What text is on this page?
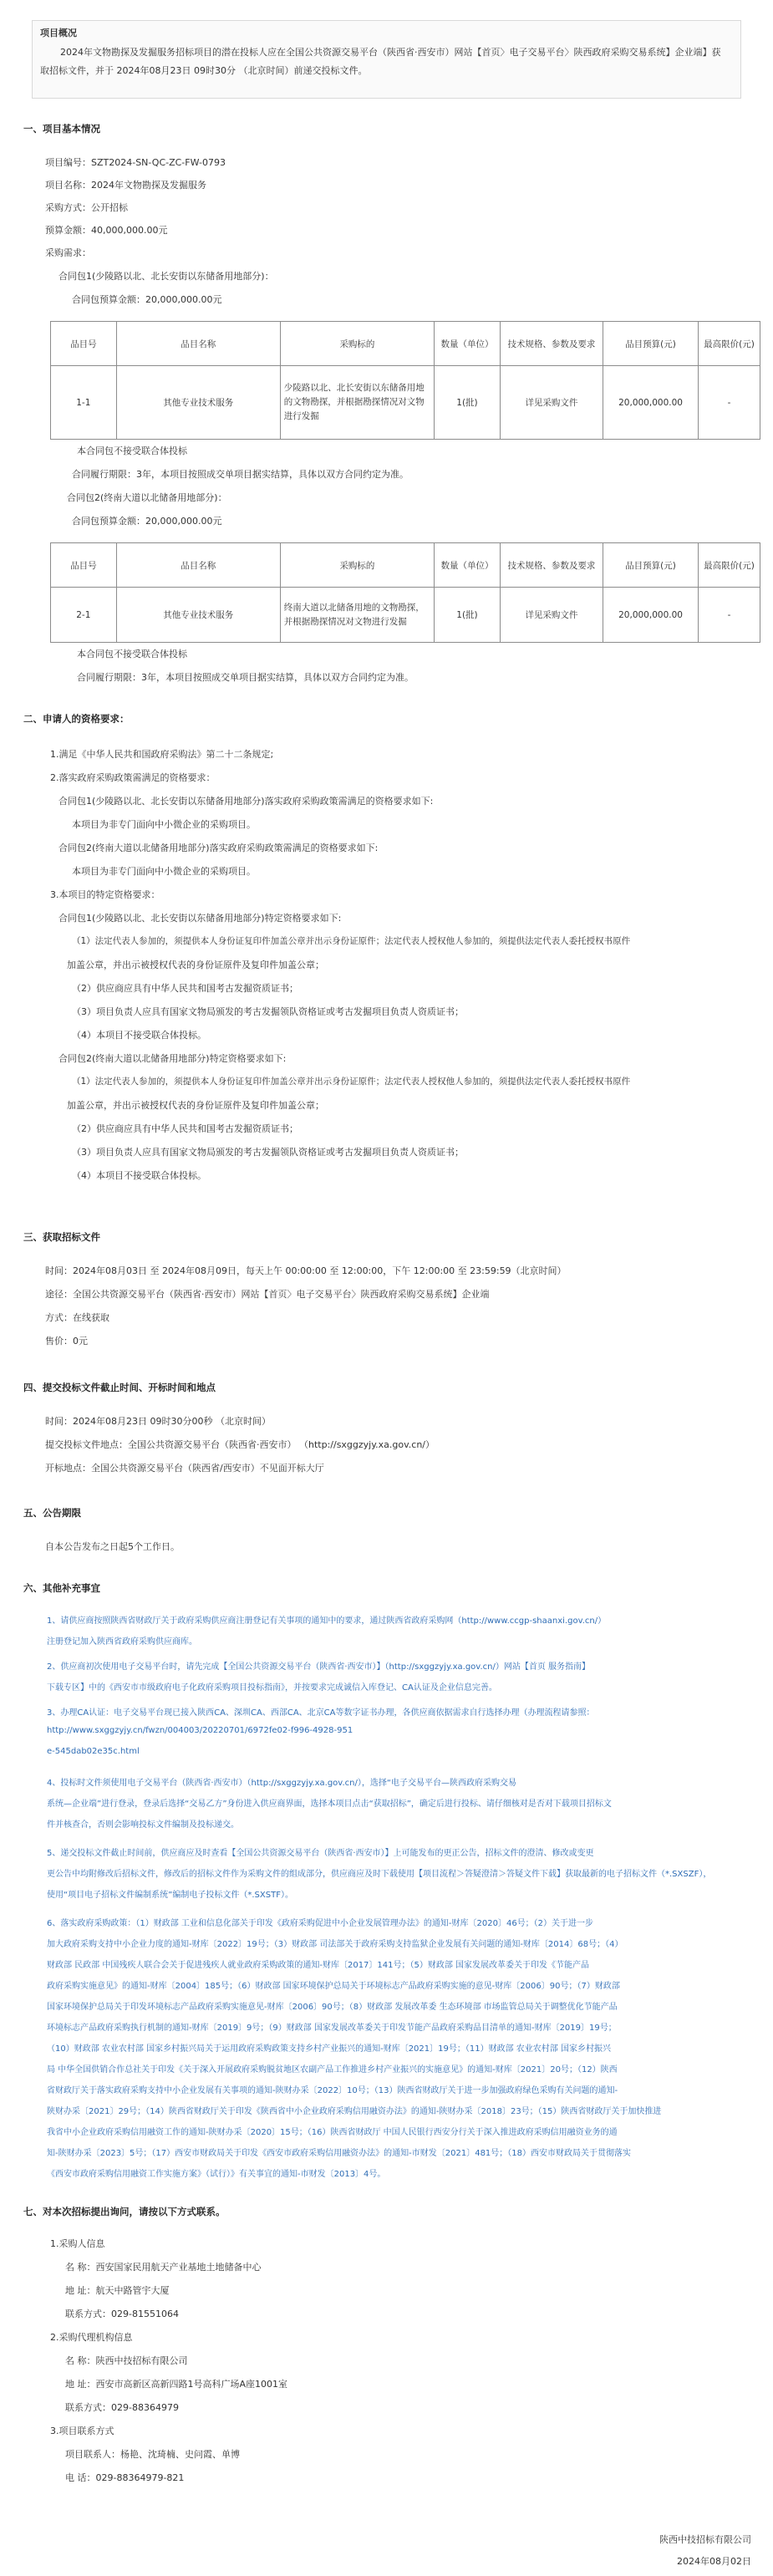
项目概况
2024年文物勘探及发掘服务招标项目的潜在投标人应在全国公共资源交易平台（陕西省·西安市）网站【首页〉电子交易平台〉陕西政府采购交易系统】企业端】获取招标文件，并于 2024年08月23日 09时30分 （北京时间）前递交投标文件。
一、项目基本情况
项目编号：SZT2024-SN-QC-ZC-FW-0793
项目名称：2024年文物勘探及发掘服务
采购方式：公开招标
预算金额：40,000,000.00元
采购需求：
合同包1(少陵路以北、北长安街以东储备用地部分)：
合同包预算金额：20,000,000.00元
品目号	品目名称	采购标的	数量（单位）	技术规格、参数及要求	品目预算(元)	最高限价(元)
1-1	其他专业技术服务	少陵路以北、北长安街以东储备用地的文物勘探，并根据勘探情况对文物进行发掘	1(批)	详见采购文件	20,000,000.00	-
本合同包不接受联合体投标
合同履行期限：3年，本项目按照成交单项目据实结算，具体以双方合同约定为准。
合同包2(终南大道以北储备用地部分)：
合同包预算金额：20,000,000.00元
品目号	品目名称	采购标的	数量（单位）	技术规格、参数及要求	品目预算(元)	最高限价(元)
2-1	其他专业技术服务	终南大道以北储备用地的文物勘探，并根据勘探情况对文物进行发掘	1(批)	详见采购文件	20,000,000.00	-
本合同包不接受联合体投标
合同履行期限：3年，本项目按照成交单项目据实结算，具体以双方合同约定为准。
二、申请人的资格要求：
1.满足《中华人民共和国政府采购法》第二十二条规定;
2.落实政府采购政策需满足的资格要求：
合同包1(少陵路以北、北长安街以东储备用地部分)落实政府采购政策需满足的资格要求如下:
本项目为非专门面向中小微企业的采购项目。
合同包2(终南大道以北储备用地部分)落实政府采购政策需满足的资格要求如下:
本项目为非专门面向中小微企业的采购项目。
3.本项目的特定资格要求：
合同包1(少陵路以北、北长安街以东储备用地部分)特定资格要求如下:
（1）法定代表人参加的，须提供本人身份证复印件加盖公章并出示身份证原件；法定代表人授权他人参加的，须提供法定代表人委托授权书原件
加盖公章，并出示被授权代表的身份证原件及复印件加盖公章；
（2）供应商应具有中华人民共和国考古发掘资质证书；
（3）项目负责人应具有国家文物局颁发的考古发掘领队资格证或考古发掘项目负责人资质证书；
（4）本项目不接受联合体投标。
合同包2(终南大道以北储备用地部分)特定资格要求如下:
（1）法定代表人参加的，须提供本人身份证复印件加盖公章并出示身份证原件；法定代表人授权他人参加的，须提供法定代表人委托授权书原件
加盖公章，并出示被授权代表的身份证原件及复印件加盖公章；
（2）供应商应具有中华人民共和国考古发掘资质证书；
（3）项目负责人应具有国家文物局颁发的考古发掘领队资格证或考古发掘项目负责人资质证书；
（4）本项目不接受联合体投标。
三、获取招标文件
时间：2024年08月03日 至 2024年08月09日，每天上午 00:00:00 至 12:00:00，下午 12:00:00 至 23:59:59（北京时间）
途径：全国公共资源交易平台（陕西省·西安市）网站【首页〉电子交易平台〉陕西政府采购交易系统】企业端
方式：在线获取
售价：0元
四、提交投标文件截止时间、开标时间和地点
时间：2024年08月23日 09时30分00秒 （北京时间）
提交投标文件地点：全国公共资源交易平台（陕西省·西安市） （http://sxggzyjy.xa.gov.cn/）
开标地点：全国公共资源交易平台（陕西省/西安市）不见面开标大厅
五、公告期限
自本公告发布之日起5个工作日。
六、其他补充事宜
1、请供应商按照陕西省财政厅关于政府采购供应商注册登记有关事项的通知中的要求，通过陕西省政府采购网（http://www.ccgp-shaanxi.gov.cn/）
注册登记加入陕西省政府采购供应商库。
2、供应商初次使用电子交易平台时，请先完成【全国公共资源交易平台（陕西省·西安市）】（http://sxggzyjy.xa.gov.cn/）网站【首页 服务指南】
下载专区】中的《西安市市级政府电子化政府采购项目投标指南》，并按要求完成诚信入库登记、CA认证及企业信息完善。
3、办理CA认证：电子交易平台现已接入陕西CA、深圳CA、西部CA、北京CA等数字证书办理，各供应商依据需求自行选择办理（办理流程请参照：
http://www.sxggzyjy.cn/fwzn/004003/20220701/6972fe02-f996-4928-951
e-545dab02e35c.html
4、投标时文件须使用电子交易平台（陕西省·西安市）（http://sxggzyjy.xa.gov.cn/），选择“电子交易平台—陕西政府采购交易
系统—企业端”进行登录，登录后选择“交易乙方”身份进入供应商界面，选择本项目点击“获取招标”，确定后进行投标、请仔细核对是否对下载项目招标文
件并核查合，否则会影响投标文件编制及投标递交。
5、递交投标文件截止时间前，供应商应及时查看【全国公共资源交易平台（陕西省·西安市）】上可能发布的更正公告，招标文件的澄清、修改或变更
更公告中均附修改后招标文件，修改后的招标文件作为采购文件的组成部分，供应商应及时下载使用【项目流程＞答疑澄清＞答疑文件下载】获取最新的电子招标文件（*.SXSZF），
使用“项目电子招标文件编制系统”编制电子投标文件（*.SXSTF）。
6、落实政府采购政策：（1）财政部 工业和信息化部关于印发《政府采购促进中小企业发展管理办法》的通知-财库〔2020〕46号；（2）关于进一步
加大政府采购支持中小企业力度的通知-财库〔2022〕19号；（3）财政部 司法部关于政府采购支持监狱企业发展有关问题的通知-财库〔2014〕68号；（4）
财政部 民政部 中国残疾人联合会关于促进残疾人就业政府采购政策的通知-财库〔2017〕141号；（5）财政部 国家发展改革委关于印发《节能产品
政府采购实施意见》的通知-财库〔2004〕185号；（6）财政部 国家环境保护总局关于环境标志产品政府采购实施的意见-财库〔2006〕90号；（7）财政部
国家环境保护总局关于印发环境标志产品政府采购实施意见-财库〔2006〕90号；（8）财政部 发展改革委 生态环境部 市场监管总局关于调整优化节能产品
环境标志产品政府采购执行机制的通知-财库〔2019〕9号；（9）财政部 国家发展改革委关于印发节能产品政府采购品目清单的通知-财库〔2019〕19号；
（10）财政部 农业农村部 国家乡村振兴局关于运用政府采购政策支持乡村产业振兴的通知-财库〔2021〕19号；（11）财政部 农业农村部 国家乡村振兴
局 中华全国供销合作总社关于印发《关于深入开展政府采购脱贫地区农副产品工作推进乡村产业振兴的实施意见》的通知-财库〔2021〕20号；（12）陕西
省财政厅关于落实政府采购支持中小企业发展有关事项的通知-陕财办采〔2022〕10号；（13）陕西省财政厅关于进一步加强政府绿色采购有关问题的通知-
陕财办采〔2021〕29号；（14）陕西省财政厅关于印发《陕西省中小企业政府采购信用融资办法》的通知-陕财办采〔2018〕23号；（15）陕西省财政厅关于加快推进
我省中小企业政府采购信用融资工作的通知-陕财办采〔2020〕15号；（16）陕西省财政厅 中国人民银行西安分行关于深入推进政府采购信用融资业务的通
知-陕财办采〔2023〕5号；（17）西安市财政局关于印发《西安市政府采购信用融资办法》的通知-市财发〔2021〕481号；（18）西安市财政局关于贯彻落实
《西安市政府采购信用融资工作实施方案》（试行）》有关事宜的通知-市财发〔2013〕4号。
七、对本次招标提出询问，请按以下方式联系。
1.采购人信息
名 称：西安国家民用航天产业基地土地储备中心
地 址：航天中路管宇大厦
联系方式：029-81551064
2.采购代理机构信息
名 称：陕西中技招标有限公司
地 址：西安市高新区高新四路1号高科广场A座1001室
联系方式：029-88364979
3.项目联系方式
项目联系人：杨艳、沈琦楠、史问霞、单博
电 话：029-88364979-821
陕西中技招标有限公司
2024年08月02日
